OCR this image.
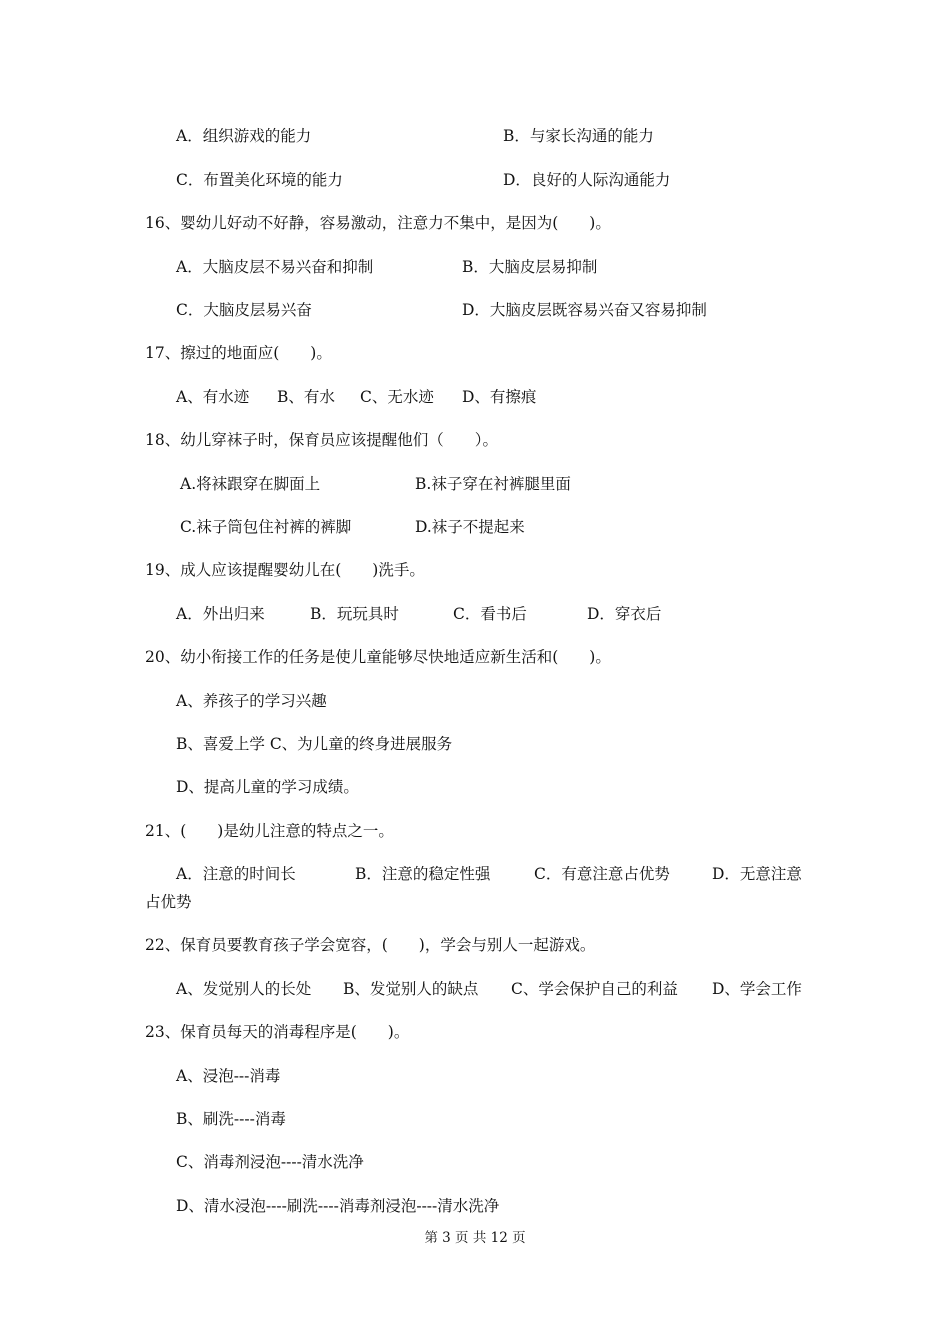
A．组织游戏的能力	B．与家长沟通的能力
C．布置美化环境的能力	D．良好的人际沟通能力
16、婴幼儿好动不好静，容易激动，注意力不集中，是因为(　　)。
A．大脑皮层不易兴奋和抑制	B．大脑皮层易抑制
C．大脑皮层易兴奋	D．大脑皮层既容易兴奋又容易抑制
17、擦过的地面应(　　)。
A、有水迹 B、有水 C、无水迹 D、有擦痕
18、幼儿穿袜子时，保育员应该提醒他们（　　）。
A.将袜跟穿在脚面上	B.袜子穿在衬裤腿里面
C.袜子筒包住衬裤的裤脚	D.袜子不提起来
19、成人应该提醒婴幼儿在(　　)洗手。
A．外出归来	B．玩玩具时	C．看书后	D．穿衣后
20、幼小衔接工作的任务是使儿童能够尽快地适应新生活和(　　)。
A、养孩子的学习兴趣
B、喜爱上学 C、为儿童的终身进展服务
D、提高儿童的学习成绩。
21、(　　)是幼儿注意的特点之一。
A．注意的时间长	B．注意的稳定性强	C．有意注意占优势	D．无意注意
占优势
22、保育员要教育孩子学会宽容，(　　)，学会与别人一起游戏。
A、发觉别人的长处 B、发觉别人的缺点 C、学会保护自己的利益 D、学会工作
23、保育员每天的消毒程序是(　　)。
A、浸泡---消毒
B、刷洗----消毒
C、消毒剂浸泡----清水洗净
D、清水浸泡----刷洗----消毒剂浸泡----清水洗净
第 3 页 共 12 页
